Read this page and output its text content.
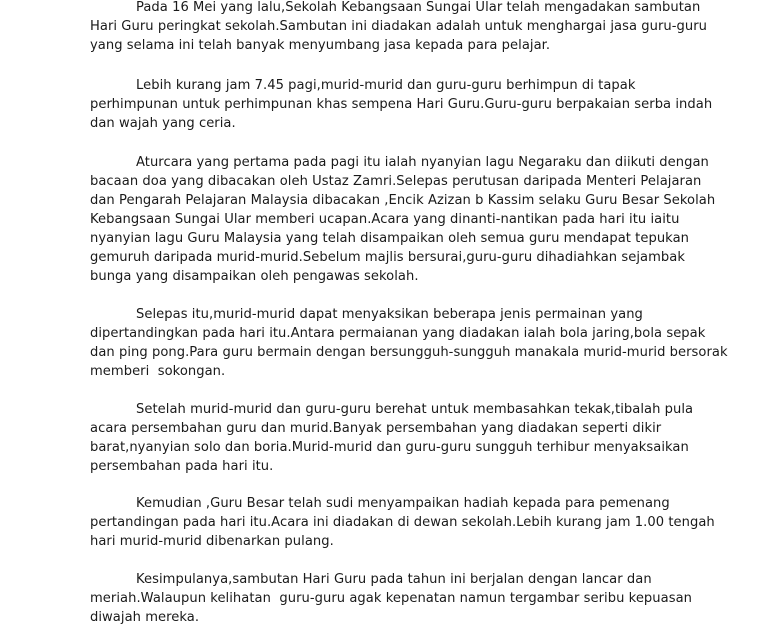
Pada 16 Mei yang lalu,Sekolah Kebangsaan Sungai Ular telah mengadakan sambutan
Hari Guru peringkat sekolah.Sambutan ini diadakan adalah untuk menghargai jasa guru-guru
yang selama ini telah banyak menyumbang jasa kepada para pelajar.
Lebih kurang jam 7.45 pagi,murid-murid dan guru-guru berhimpun di tapak
perhimpunan untuk perhimpunan khas sempena Hari Guru.Guru-guru berpakaian serba indah
dan wajah yang ceria.
Aturcara yang pertama pada pagi itu ialah nyanyian lagu Negaraku dan diikuti dengan
bacaan doa yang dibacakan oleh Ustaz Zamri.Selepas perutusan daripada Menteri Pelajaran
dan Pengarah Pelajaran Malaysia dibacakan ,Encik Azizan b Kassim selaku Guru Besar Sekolah
Kebangsaan Sungai Ular memberi ucapan.Acara yang dinanti-nantikan pada hari itu iaitu
nyanyian lagu Guru Malaysia yang telah disampaikan oleh semua guru mendapat tepukan
gemuruh daripada murid-murid.Sebelum majlis bersurai,guru-guru dihadiahkan sejambak
bunga yang disampaikan oleh pengawas sekolah.
Selepas itu,murid-murid dapat menyaksikan beberapa jenis permainan yang
dipertandingkan pada hari itu.Antara permaianan yang diadakan ialah bola jaring,bola sepak
dan ping pong.Para guru bermain dengan bersungguh-sungguh manakala murid-murid bersorak
memberi  sokongan.
Setelah murid-murid dan guru-guru berehat untuk membasahkan tekak,tibalah pula
acara persembahan guru dan murid.Banyak persembahan yang diadakan seperti dikir
barat,nyanyian solo dan boria.Murid-murid dan guru-guru sungguh terhibur menyaksaikan
persembahan pada hari itu.
Kemudian ,Guru Besar telah sudi menyampaikan hadiah kepada para pemenang
pertandingan pada hari itu.Acara ini diadakan di dewan sekolah.Lebih kurang jam 1.00 tengah
hari murid-murid dibenarkan pulang.
Kesimpulanya,sambutan Hari Guru pada tahun ini berjalan dengan lancar dan
meriah.Walaupun kelihatan  guru-guru agak kepenatan namun tergambar seribu kepuasan
diwajah mereka.
